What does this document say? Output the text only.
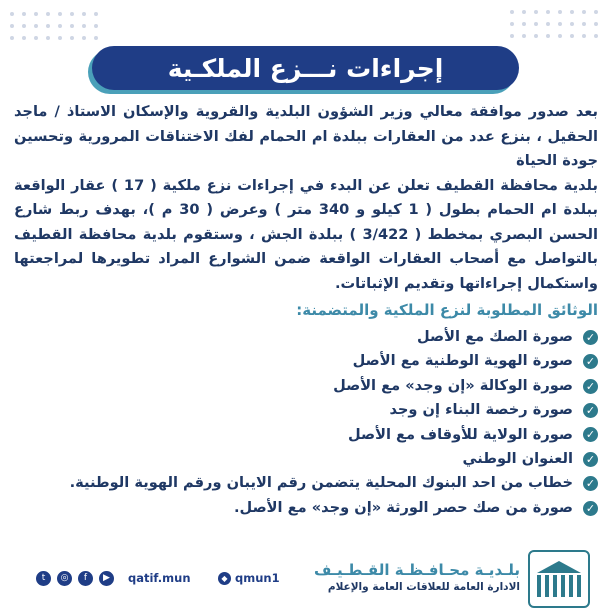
إجراءات نـــزع الملكـية

بعد صدور موافقة معالي وزير الشؤون البلدية والقروية والإسكان الاستاذ / ماجد الحقيل ، بنزع عدد من العقارات ببلدة ام الحمام لفك الاختناقات المرورية وتحسين جودة الحياة

بلدية محافظة القطيف تعلن عن البدء في إجراءات نزع ملكية ( 17 ) عقار الواقعة ببلدة ام الحمام بطول ( 1 كيلو و 340 متر ) وعرض ( 30 م )، بهدف ربط شارع الحسن البصري بمخطط ( 3/422 ) ببلدة الجش ، وستقوم بلدية محافظة القطيف بالتواصل مع أصحاب العقارات الواقعة ضمن الشوارع المراد تطويرها لمراجعتها واستكمال إجراءاتها وتقديم الإثباتات.

الوثائق المطلوبة لنزع الملكية والمتضمنة:
✓
صورة الصك مع الأصل
✓
صورة الهوية الوطنية مع الأصل
✓
صورة الوكالة «إن وجد» مع الأصل
✓
صورة رخصة البناء إن وجد
✓
صورة الولاية للأوقاف مع الأصل
✓
العنوان الوطني
✓
خطاب من احد البنوك المحلية يتضمن رقم الايبان ورقم الهوية الوطنية.
✓
صورة من صك حصر الورثة «إن وجد» مع الأصل.
t	◎	f	▶	qatif.mun	◆ qmun1 بلـديـة محـافـظـة القـطـيـف
الادارة العامة للعلاقات العامة والإعلام
